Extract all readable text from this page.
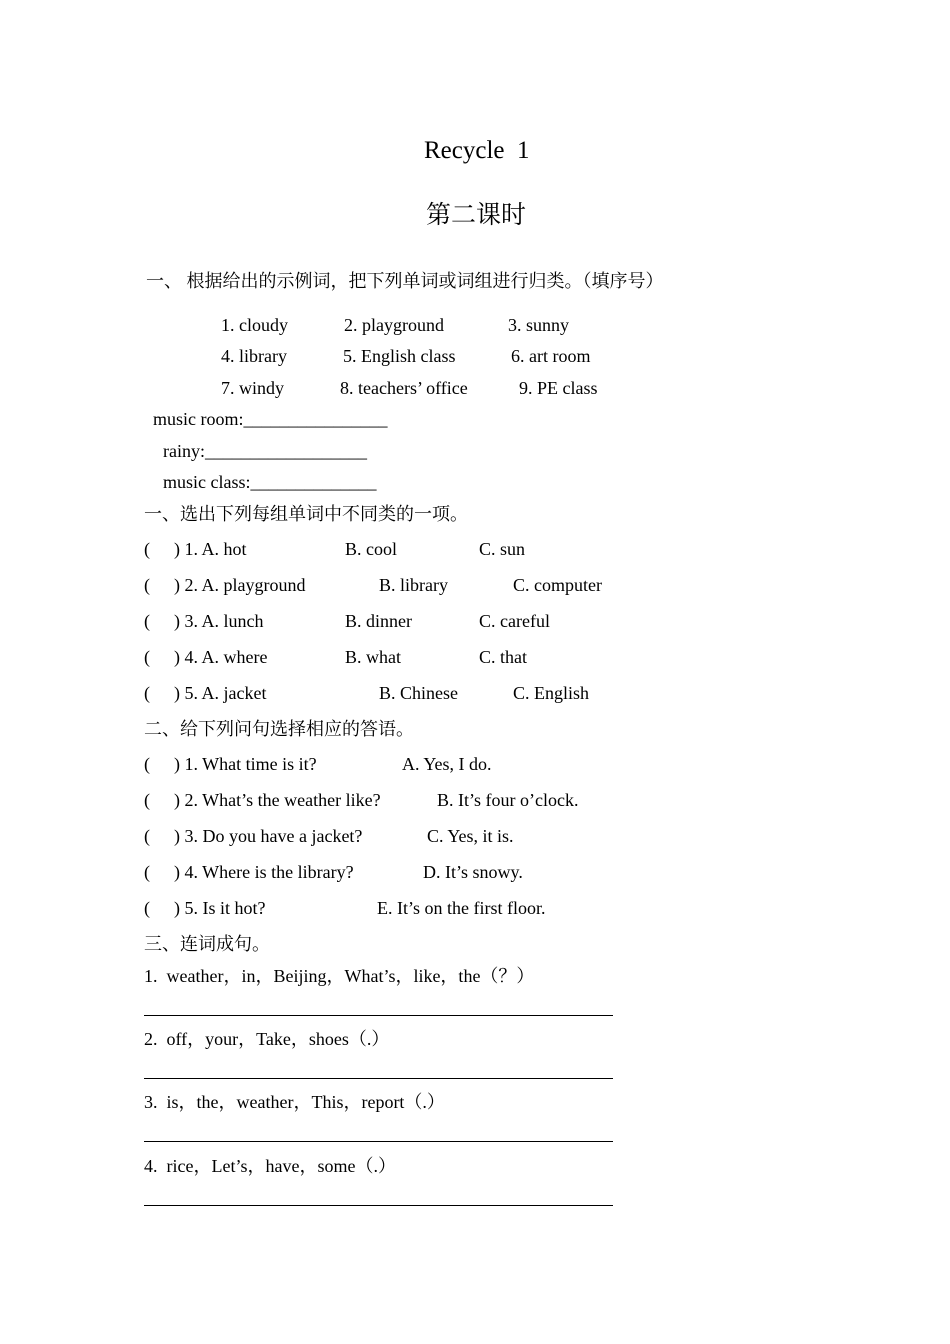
Recycle  1
第二课时
一、 根据给出的示例词，把下列单词或词组进行归类。（填序号）
1. cloudy	2. playground	3. sunny
4. library	5. English class	6. art room
7. windy	8. teachers’ office	9. PE class
music room:________________
rainy:__________________
music class:______________
一、选出下列每组单词中不同类的一项。
( ) 1. A. hot	B. cool	C. sun
( ) 2. A. playground	B. library	C. computer
( ) 3. A. lunch	B. dinner	C. careful
( ) 4. A. where	B. what	C. that
( ) 5. A. jacket	B. Chinese	C. English
二、给下列问句选择相应的答语。
( ) 1. What time is it?	A. Yes, I do.
( ) 2. What’s the weather like?	B. It’s four o’clock.
( ) 3. Do you have a jacket?	C. Yes, it is.
( ) 4. Where is the library?	D. It’s snowy.
( ) 5. Is it hot?	E. It’s on the first floor.
三、连词成句。
1.  weather，in，Beijing，What’s，like，the（？）
2.  off，your，Take，shoes（.）
3.  is，the，weather，This，report（.）
4.  rice，Let’s，have，some（.）
